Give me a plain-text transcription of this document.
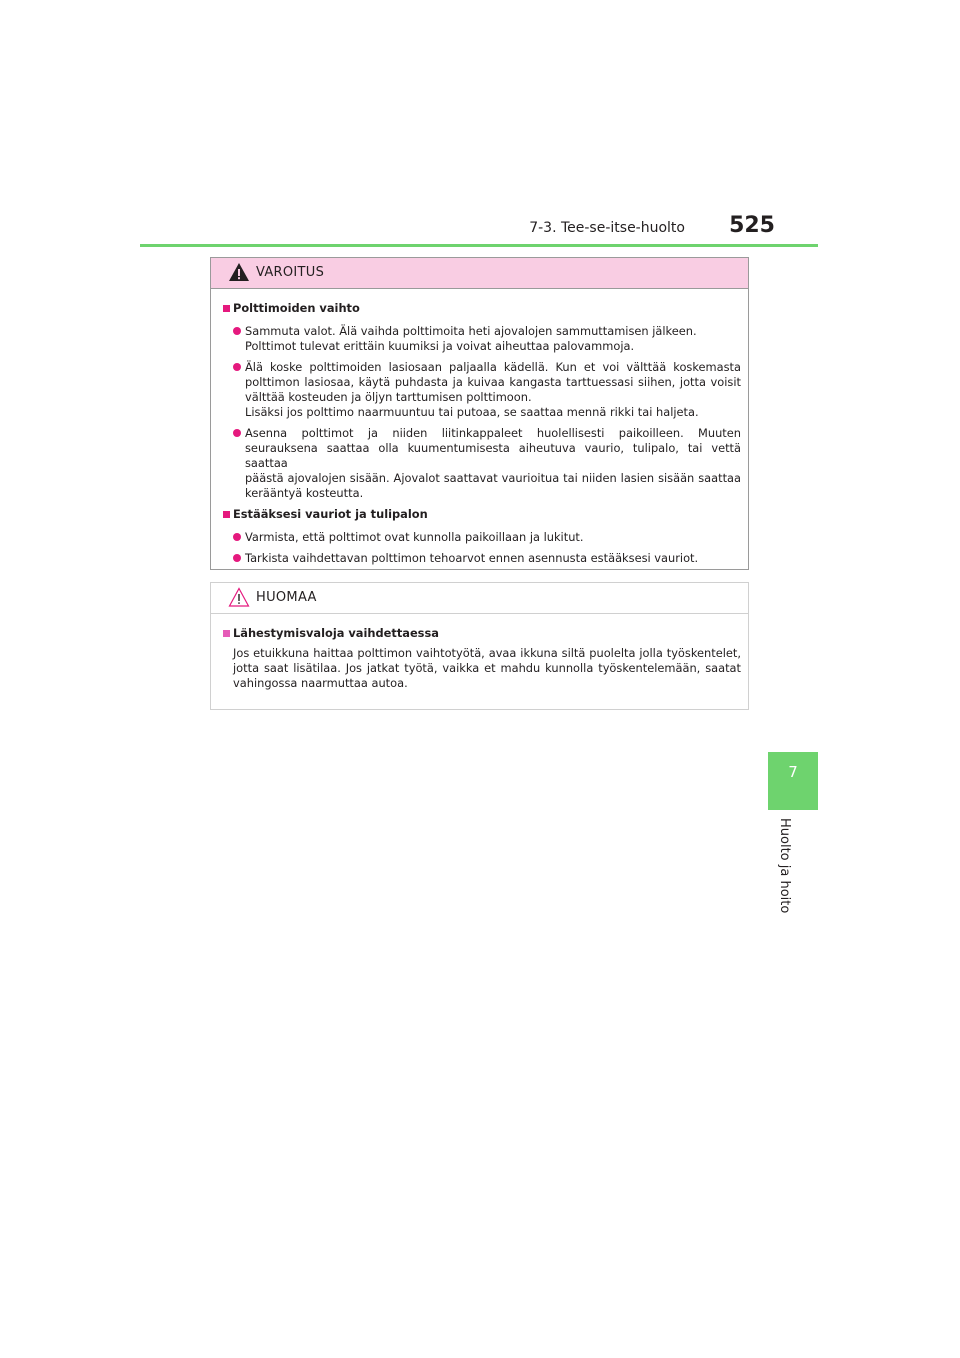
7-3. Tee-se-itse-huolto	525
7
Huolto ja hoito
VAROITUS
Polttimoiden vaihto
Sammuta valot. Älä vaihda polttimoita heti ajovalojen sammuttamisen jälkeen.
Polttimot tulevat erittäin kuumiksi ja voivat aiheuttaa palovammoja.
Älä koske polttimoiden lasiosaan paljaalla kädellä. Kun et voi välttää koskemasta
polttimon lasiosaa, käytä puhdasta ja kuivaa kangasta tarttuessasi siihen, jotta voisit
välttää kosteuden ja öljyn tarttumisen polttimoon.
Lisäksi jos polttimo naarmuuntuu tai putoaa, se saattaa mennä rikki tai haljeta.
Asenna polttimot ja niiden liitinkappaleet huolellisesti paikoilleen. Muuten
seurauksena saattaa olla kuumentumisesta aiheutuva vaurio, tulipalo, tai vettä saattaa
päästä ajovalojen sisään. Ajovalot saattavat vaurioitua tai niiden lasien sisään saattaa
kerääntyä kosteutta.
Estääksesi vauriot ja tulipalon
Varmista, että polttimot ovat kunnolla paikoillaan ja lukitut.
Tarkista vaihdettavan polttimon tehoarvot ennen asennusta estääksesi vauriot.
HUOMAA
Lähestymisvaloja vaihdettaessa
Jos etuikkuna haittaa polttimon vaihtotyötä, avaa ikkuna siltä puolelta jolla työskentelet,
jotta saat lisätilaa. Jos jatkat työtä, vaikka et mahdu kunnolla työskentelemään, saatat
vahingossa naarmuttaa autoa.
